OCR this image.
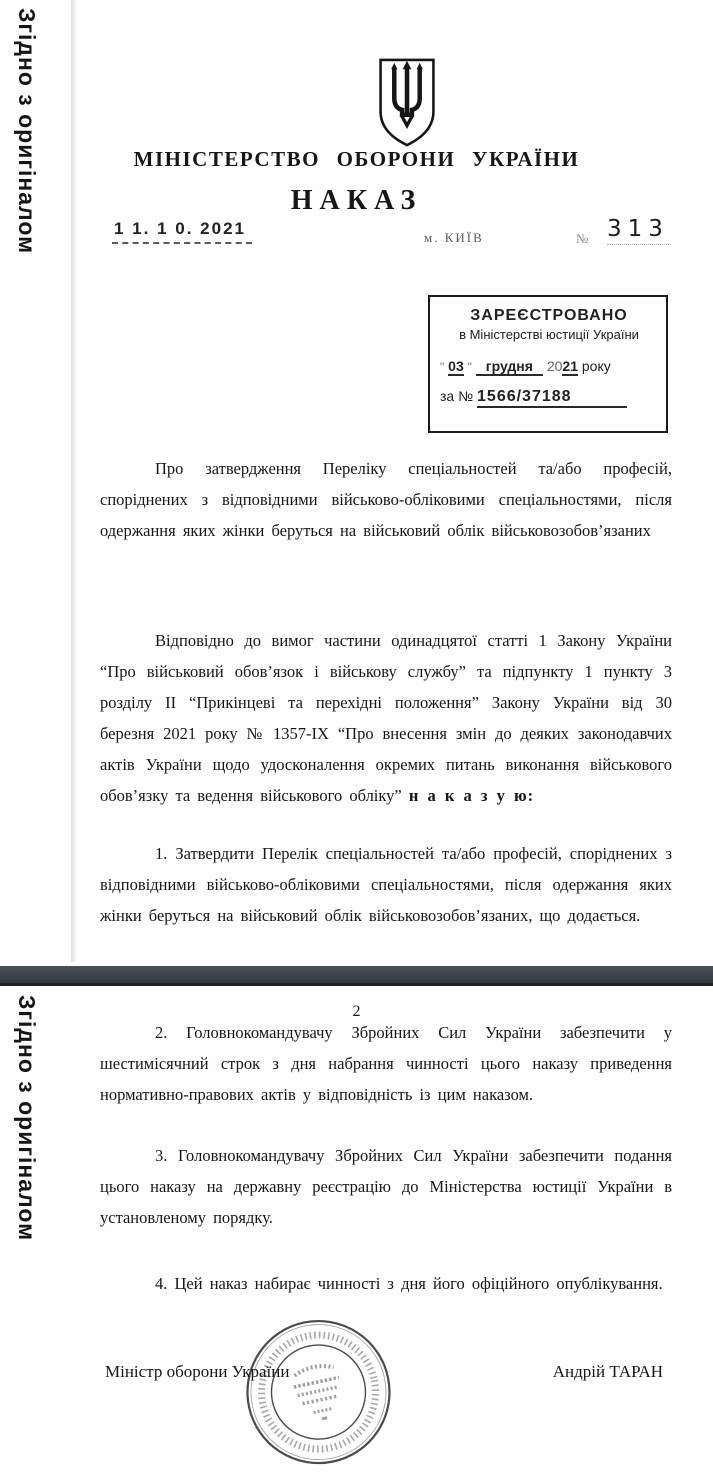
Згідно з оригіналом	МІНІСТЕРСТВО ОБОРОНИ УКРАЇНИ
НАКАЗ
1 1. 1 0. 2021	м. КИЇВ	№ 313
ЗАРЕЄСТРОВАНО
в Міністерстві юстиції України
" 03 " грудня 2021 року
за № 1566/37188

Про затвердження Переліку спеціальностей та/або професій, споріднених з відповідними військово-обліковими спеціальностями, після одержання яких жінки беруться на військовий облік військовозобов’язаних

Відповідно до вимог частини одинадцятої статті 1 Закону України “Про військовий обов’язок і військову службу” та підпункту 1 пункту 3 розділу ІІ “Прикінцеві та перехідні положення” Закону України від 30 березня 2021 року № 1357-ІХ “Про внесення змін до деяких законодавчих актів України щодо удосконалення окремих питань виконання військового обов’язку та ведення військового обліку” н а к а з у ю:

1. Затвердити Перелік спеціальностей та/або професій, споріднених з відповідними військово-обліковими спеціальностями, після одержання яких жінки беруться на військовий облік військовозобов’язаних, що додається.

Згідно з оригіналом	2

2. Головнокомандувачу Збройних Сил України забезпечити у шестимісячний строк з дня набрання чинності цього наказу приведення нормативно-правових актів у відповідність із цим наказом.

3. Головнокомандувачу Збройних Сил України забезпечити подання цього наказу на державну реєстрацію до Міністерства юстиції України в установленому порядку.

4. Цей наказ набирає чинності з дня його офіційного опублікування.

Міністр оборони України	Андрій ТАРАН
